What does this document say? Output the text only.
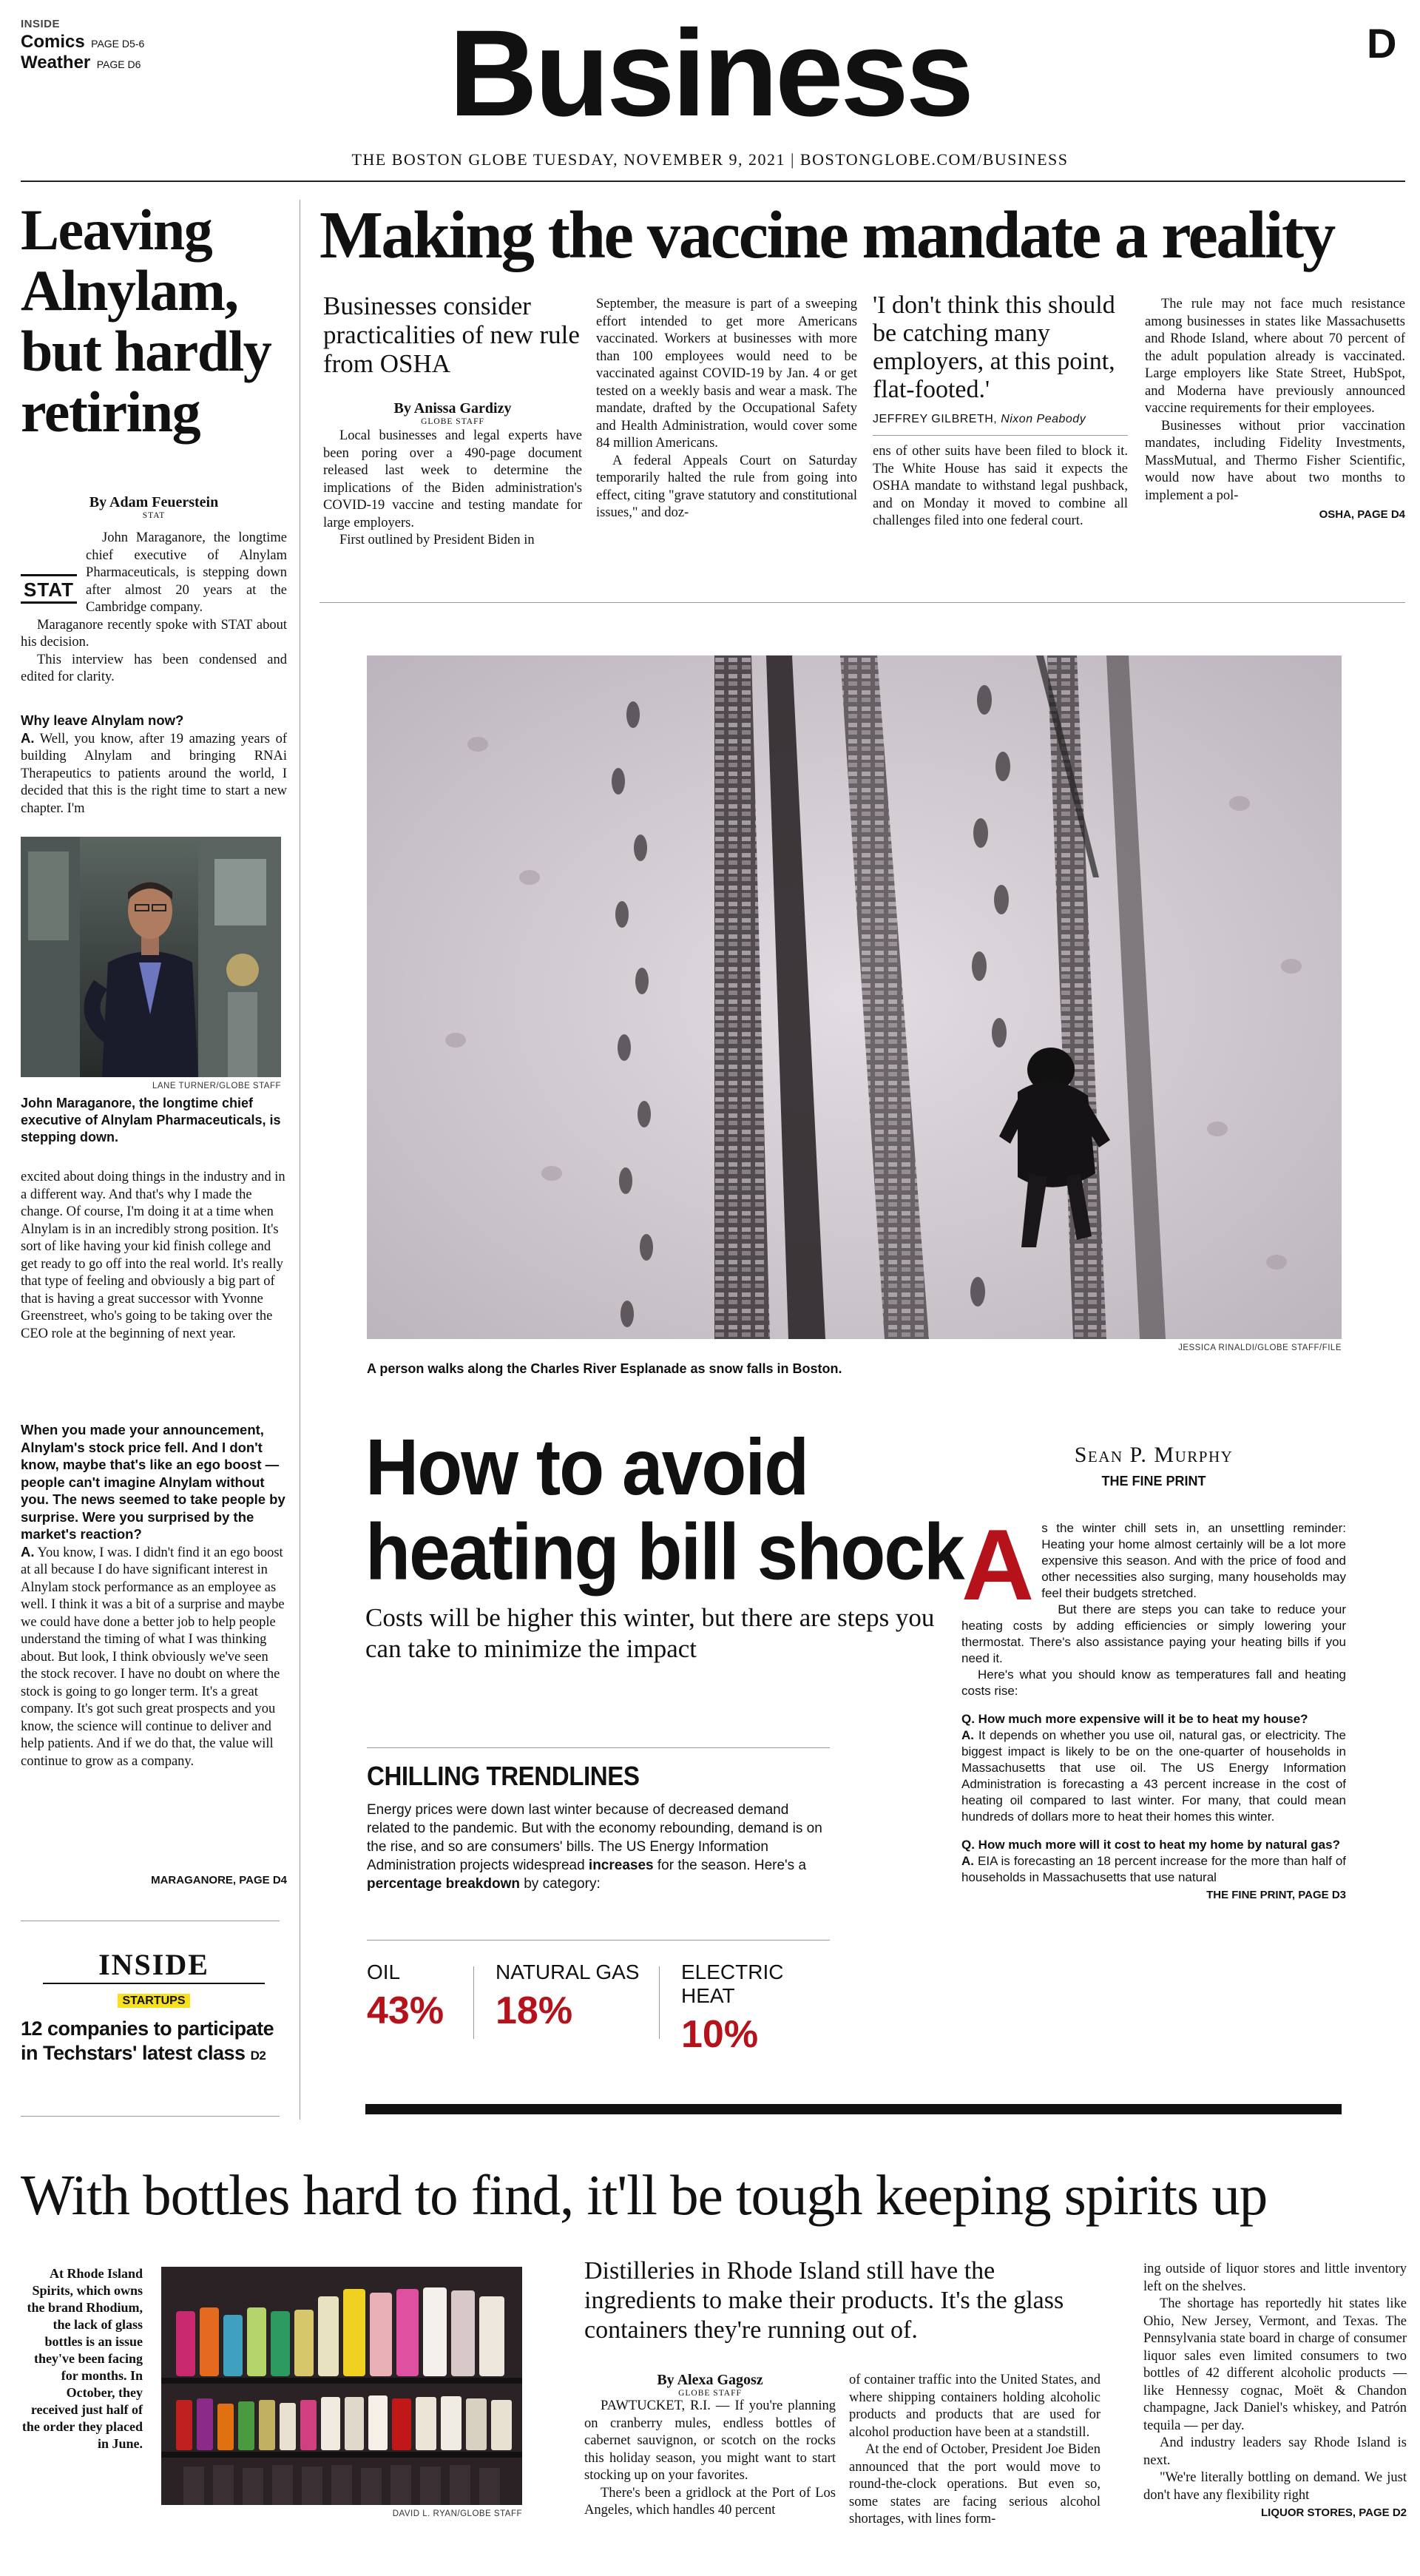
INSIDE
Comics PAGE D5-6
Weather PAGE D6	Business	D
THE BOSTON GLOBE TUESDAY, NOVEMBER 9, 2021 | BOSTONGLOBE.COM/BUSINESS
Leaving Alnylam, but hardly retiring
By Adam Feuerstein
STAT
STAT

John Maraganore, the longtime chief executive of Alnylam Pharmaceuticals, is stepping down after almost 20 years at the Cambridge company.

Maraganore recently spoke with STAT about his decision.

This interview has been condensed and edited for clarity.

Why leave Alnylam now?

A. Well, you know, after 19 amazing years of building Alnylam and bringing RNAi Therapeutics to patients around the world, I decided that this is the right time to start a new chapter. I'm

LANE TURNER/GLOBE STAFF
John Maraganore, the longtime chief executive of Alnylam Pharmaceuticals, is stepping down.

excited about doing things in the industry and in a different way. And that's why I made the change. Of course, I'm doing it at a time when Alnylam is in an incredibly strong position. It's sort of like having your kid finish college and get ready to go off into the real world. It's really that type of feeling and obviously a big part of that is having a great successor with Yvonne Greenstreet, who's going to be taking over the CEO role at the beginning of next year.

When you made your announcement, Alnylam's stock price fell. And I don't know, maybe that's like an ego boost — people can't imagine Alnylam without you. The news seemed to take people by surprise. Were you surprised by the market's reaction?

A. You know, I was. I didn't find it an ego boost at all because I do have significant interest in Alnylam stock performance as an employee as well. I think it was a bit of a surprise and maybe we could have done a better job to help people understand the timing of what I was thinking about. But look, I think obviously we've seen the stock recover. I have no doubt on where the stock is going to go longer term. It's a great company. It's got such great prospects and you know, the science will continue to deliver and help patients. And if we do that, the value will continue to grow as a company.

MARAGANORE, PAGE D4
INSIDE
STARTUPS
12 companies to participate in Techstars' latest class D2
Making the vaccine mandate a reality
Businesses consider practicalities of new rule from OSHA
By Anissa Gardizy
GLOBE STAFF

Local businesses and legal experts have been poring over a 490-page document released last week to determine the implications of the Biden administration's COVID-19 vaccine and testing mandate for large employers.

First outlined by President Biden in

September, the measure is part of a sweeping effort intended to get more Americans vaccinated. Workers at businesses with more than 100 employees would need to be vaccinated against COVID-19 by Jan. 4 or get tested on a weekly basis and wear a mask. The mandate, drafted by the Occupational Safety and Health Administration, would cover some 84 million Americans.

A federal Appeals Court on Saturday temporarily halted the rule from going into effect, citing "grave statutory and constitutional issues," and doz-

'I don't think this should be catching many employers, at this point, flat-footed.'
JEFFREY GILBRETH, Nixon Peabody

ens of other suits have been filed to block it. The White House has said it expects the OSHA mandate to withstand legal pushback, and on Monday it moved to combine all challenges filed into one federal court.

The rule may not face much resistance among businesses in states like Massachusetts and Rhode Island, where about 70 percent of the adult population already is vaccinated. Large employers like State Street, HubSpot, and Moderna have previously announced vaccine requirements for their employees.

Businesses without prior vaccination mandates, including Fidelity Investments, MassMutual, and Thermo Fisher Scientific, would now have about two months to implement a pol-

OSHA, PAGE D4
JESSICA RINALDI/GLOBE STAFF/FILE
A person walks along the Charles River Esplanade as snow falls in Boston.
How to avoid
heating bill shock
Costs will be higher this winter, but there are steps you can take to minimize the impact
CHILLING TRENDLINES
Energy prices were down last winter because of decreased demand related to the pandemic. But with the economy rebounding, demand is on the rise, and so are consumers' bills. The US Energy Information Administration projects widespread increases for the season. Here's a percentage breakdown by category:
OIL
43%
NATURAL GAS
18%
ELECTRIC HEAT
10%
Sean P. Murphy
THE FINE PRINT
A s the winter chill sets in, an unsettling reminder: Heating your home almost certainly will be a lot more expensive this season. And with the price of food and other necessities also surging, many households may feel their budgets stretched.

But there are steps you can take to reduce your heating costs by adding efficiencies or simply lowering your thermostat. There's also assistance paying your heating bills if you need it.

Here's what you should know as temperatures fall and heating costs rise:

Q. How much more expensive will it be to heat my house?

A. It depends on whether you use oil, natural gas, or electricity. The biggest impact is likely to be on the one-quarter of households in Massachusetts that use oil. The US Energy Information Administration is forecasting a 43 percent increase in the cost of heating oil compared to last winter. For many, that could mean hundreds of dollars more to heat their homes this winter.

Q. How much more will it cost to heat my home by natural gas?

A. EIA is forecasting an 18 percent increase for the more than half of households in Massachusetts that use natural

THE FINE PRINT, PAGE D3
With bottles hard to find, it'll be tough keeping spirits up
At Rhode Island Spirits, which owns the brand Rhodium, the lack of glass bottles is an issue they've been facing for months. In October, they received just half of the order they placed in June.
DAVID L. RYAN/GLOBE STAFF
Distilleries in Rhode Island still have the ingredients to make their products. It's the glass containers they're running out of.
By Alexa Gagosz
GLOBE STAFF

PAWTUCKET, R.I. — If you're planning on cranberry mules, endless bottles of cabernet sauvignon, or scotch on the rocks this holiday season, you might want to start stocking up on your favorites.

There's been a gridlock at the Port of Los Angeles, which handles 40 percent

of container traffic into the United States, and where shipping containers holding alcoholic products and products that are used for alcohol production have been at a standstill.

At the end of October, President Joe Biden announced that the port would move to round-the-clock operations. But even so, some states are facing serious alcohol shortages, with lines form-

ing outside of liquor stores and little inventory left on the shelves.

The shortage has reportedly hit states like Ohio, New Jersey, Vermont, and Texas. The Pennsylvania state board in charge of consumer liquor sales even limited consumers to two bottles of 42 different alcoholic products — like Hennessy cognac, Moët & Chandon champagne, Jack Daniel's whiskey, and Patrón tequila — per day.

And industry leaders say Rhode Island is next.

"We're literally bottling on demand. We just don't have any flexibility right

LIQUOR STORES, PAGE D2
